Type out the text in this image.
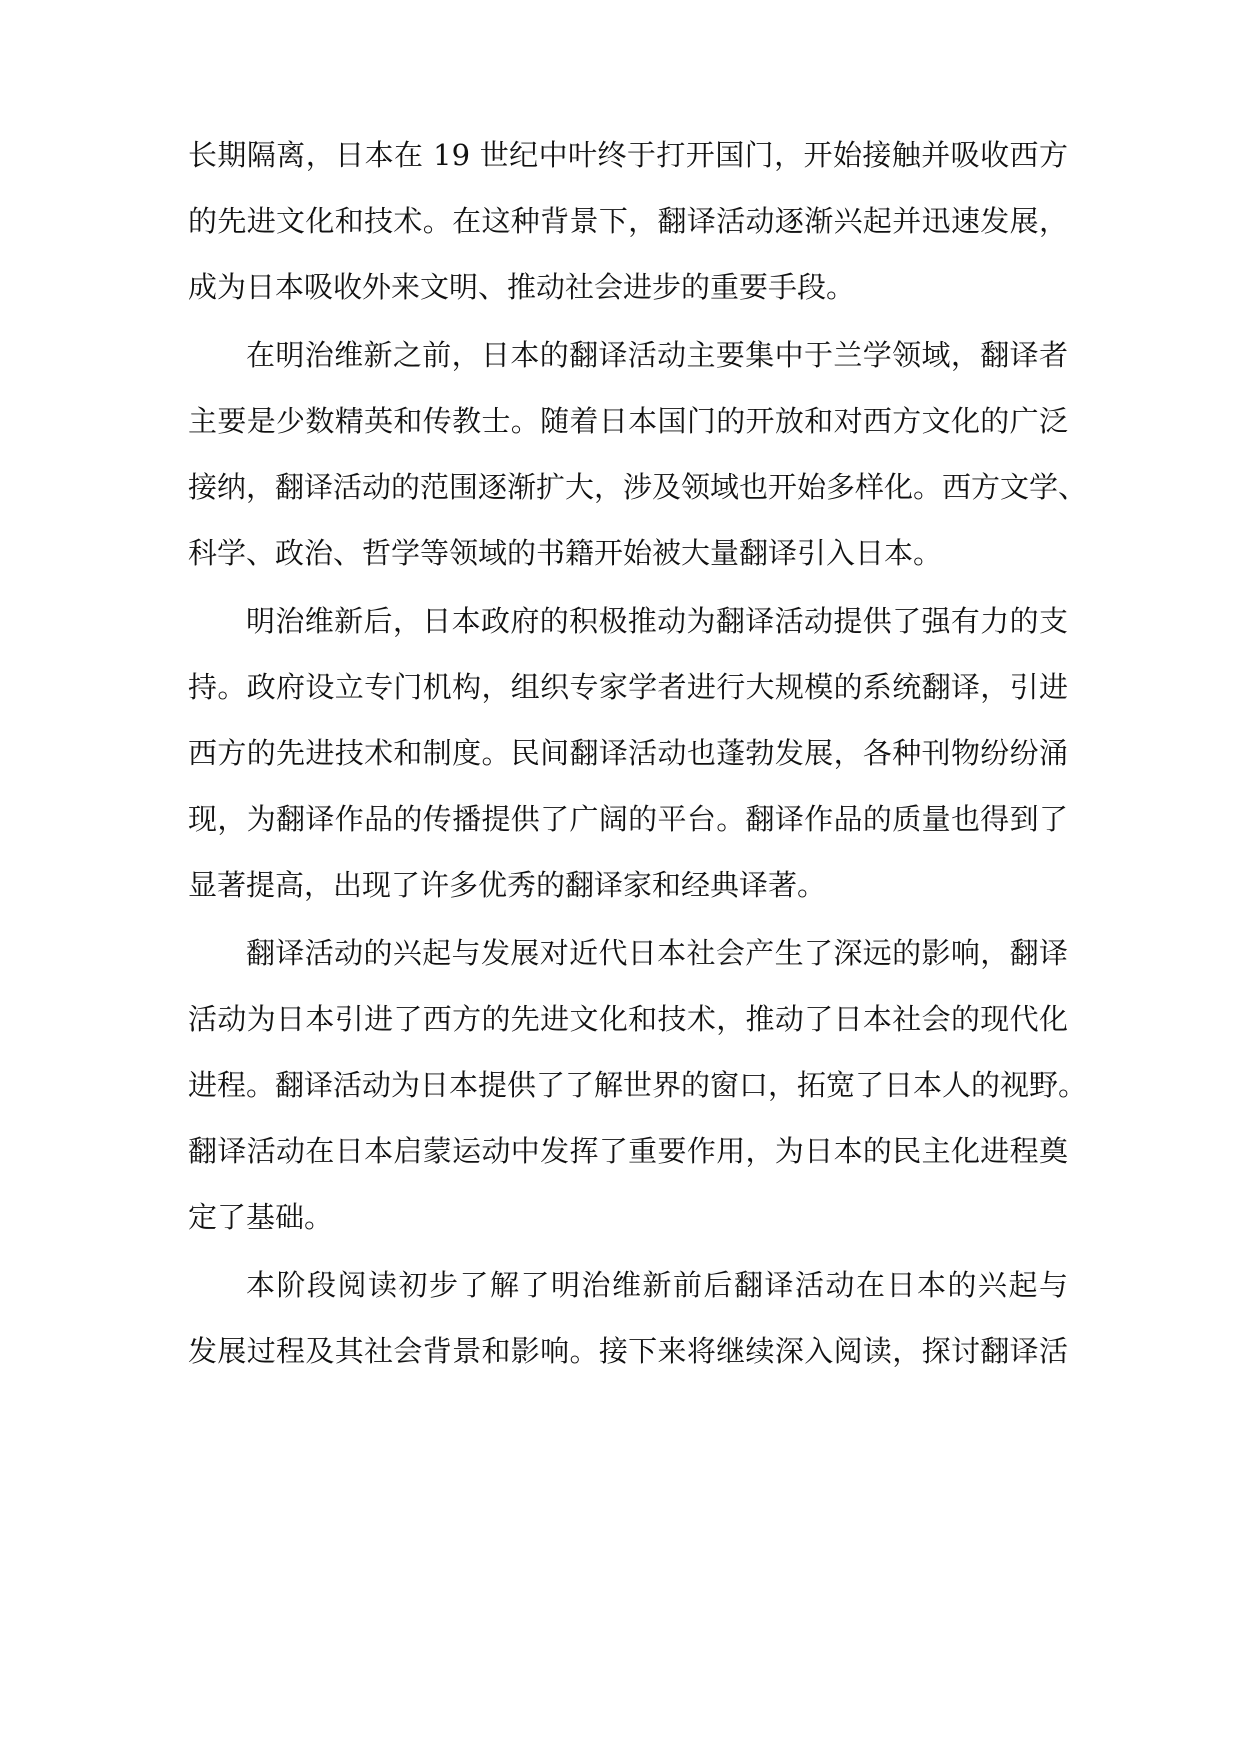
长期隔离，日本在 19 世纪中叶终于打开国门，开始接触并吸收西方
的先进文化和技术。在这种背景下，翻译活动逐渐兴起并迅速发展，
成为日本吸收外来文明、推动社会进步的重要手段。
在明治维新之前，日本的翻译活动主要集中于兰学领域，翻译者
主要是少数精英和传教士。随着日本国门的开放和对西方文化的广泛
接纳，翻译活动的范围逐渐扩大，涉及领域也开始多样化。西方文学、
科学、政治、哲学等领域的书籍开始被大量翻译引入日本。
明治维新后，日本政府的积极推动为翻译活动提供了强有力的支
持。政府设立专门机构，组织专家学者进行大规模的系统翻译，引进
西方的先进技术和制度。民间翻译活动也蓬勃发展，各种刊物纷纷涌
现，为翻译作品的传播提供了广阔的平台。翻译作品的质量也得到了
显著提高，出现了许多优秀的翻译家和经典译著。
翻译活动的兴起与发展对近代日本社会产生了深远的影响，翻译
活动为日本引进了西方的先进文化和技术，推动了日本社会的现代化
进程。翻译活动为日本提供了了解世界的窗口，拓宽了日本人的视野。
翻译活动在日本启蒙运动中发挥了重要作用，为日本的民主化进程奠
定了基础。
本阶段阅读初步了解了明治维新前后翻译活动在日本的兴起与
发展过程及其社会背景和影响。接下来将继续深入阅读，探讨翻译活
